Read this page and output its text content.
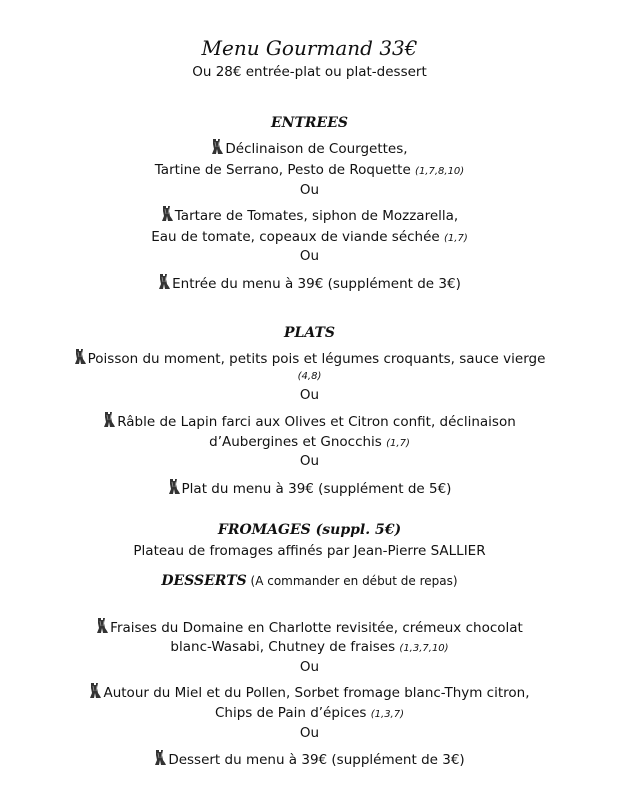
Menu Gourmand 33€
Ou 28€ entrée-plat ou plat-dessert
ENTREES
Déclinaison de Courgettes,
Tartine de Serrano, Pesto de Roquette (1,7,8,10)
Ou
Tartare de Tomates, siphon de Mozzarella,
Eau de tomate, copeaux de viande séchée (1,7)
Ou
Entrée du menu à 39€ (supplément de 3€)
PLATS
Poisson du moment, petits pois et légumes croquants, sauce vierge
(4,8)
Ou
Râble de Lapin farci aux Olives et Citron confit, déclinaison
d’Aubergines et Gnocchis (1,7)
Ou
Plat du menu à 39€ (supplément de 5€)
FROMAGES (suppl. 5€)
Plateau de fromages affinés par Jean-Pierre SALLIER
DESSERTS (A commander en début de repas)
Fraises du Domaine en Charlotte revisitée, crémeux chocolat
blanc-Wasabi, Chutney de fraises (1,3,7,10)
Ou
Autour du Miel et du Pollen, Sorbet fromage blanc-Thym citron,
Chips de Pain d’épices (1,3,7)
Ou
Dessert du menu à 39€ (supplément de 3€)
